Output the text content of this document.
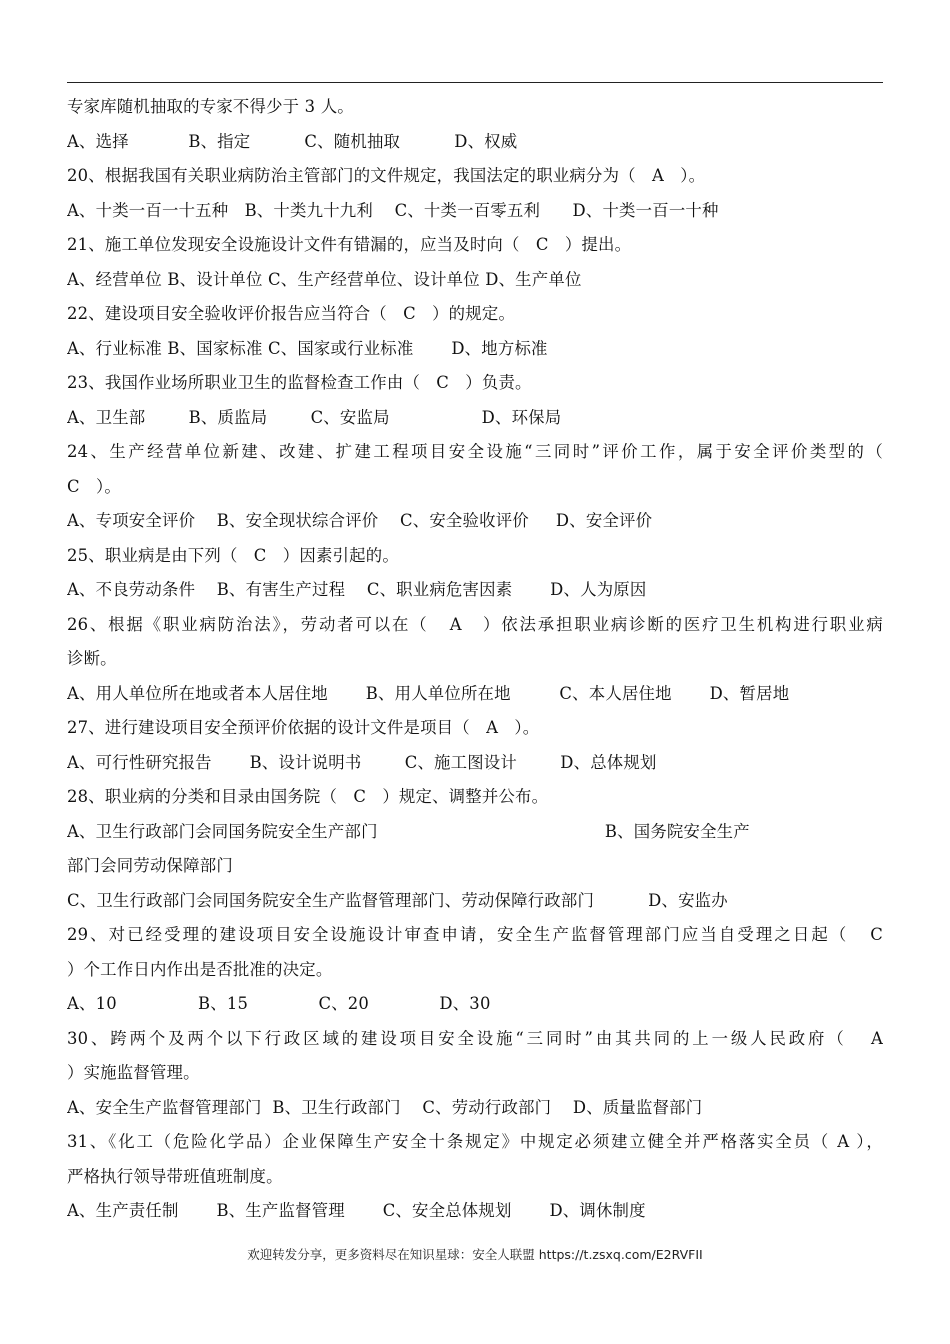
专家库随机抽取的专家不得少于 3 人。
A、选择           B、指定          C、随机抽取          D、权威
20、根据我国有关职业病防治主管部门的文件规定，我国法定的职业病分为（   A   ）。
A、十类一百一十五种   B、十类九十九利    C、十类一百零五利      D、十类一百一十种
21、施工单位发现安全设施设计文件有错漏的，应当及时向（   C   ）提出。
A、经营单位 B、设计单位 C、生产经营单位、设计单位 D、生产单位
22、建设项目安全验收评价报告应当符合（   C   ）的规定。
A、行业标准 B、国家标准 C、国家或行业标准       D、地方标准
23、我国作业场所职业卫生的监督检查工作由（   C   ）负责。
A、卫生部        B、质监局        C、安监局                 D、环保局
24、生产经营单位新建、改建、扩建工程项目安全设施“三同时”评价工作，属于安全评价类型的（
C   ）。
A、专项安全评价    B、安全现状综合评价    C、安全验收评价     D、安全评价
25、职业病是由下列（   C   ）因素引起的。
A、不良劳动条件    B、有害生产过程    C、职业病危害因素       D、人为原因
26、根据《职业病防治法》，劳动者可以在（   A   ）依法承担职业病诊断的医疗卫生机构进行职业病
诊断。
A、用人单位所在地或者本人居住地       B、用人单位所在地         C、本人居住地       D、暂居地
27、进行建设项目安全预评价依据的设计文件是项目（   A   ）。
A、可行性研究报告       B、设计说明书        C、施工图设计        D、总体规划
28、职业病的分类和目录由国务院（   C   ）规定、调整并公布。
A、卫生行政部门会同国务院安全生产部门                                          B、国务院安全生产
部门会同劳动保障部门
C、卫生行政部门会同国务院安全生产监督管理部门、劳动保障行政部门          D、安监办
29、对已经受理的建设项目安全设施设计审查申请，安全生产监督管理部门应当自受理之日起（   C
）个工作日内作出是否批准的决定。
A、10               B、15             C、20             D、30
30、跨两个及两个以下行政区域的建设项目安全设施“三同时”由其共同的上一级人民政府（   A
）实施监督管理。
A、安全生产监督管理部门  B、卫生行政部门    C、劳动行政部门    D、质量监督部门
31、《化工（危险化学品）企业保障生产安全十条规定》中规定必须建立健全并严格落实全员（ A ），
严格执行领导带班值班制度。
A、生产责任制       B、生产监督管理       C、安全总体规划       D、调休制度
欢迎转发分享，更多资料尽在知识星球：安全人联盟 https://t.zsxq.com/E2RVFII
